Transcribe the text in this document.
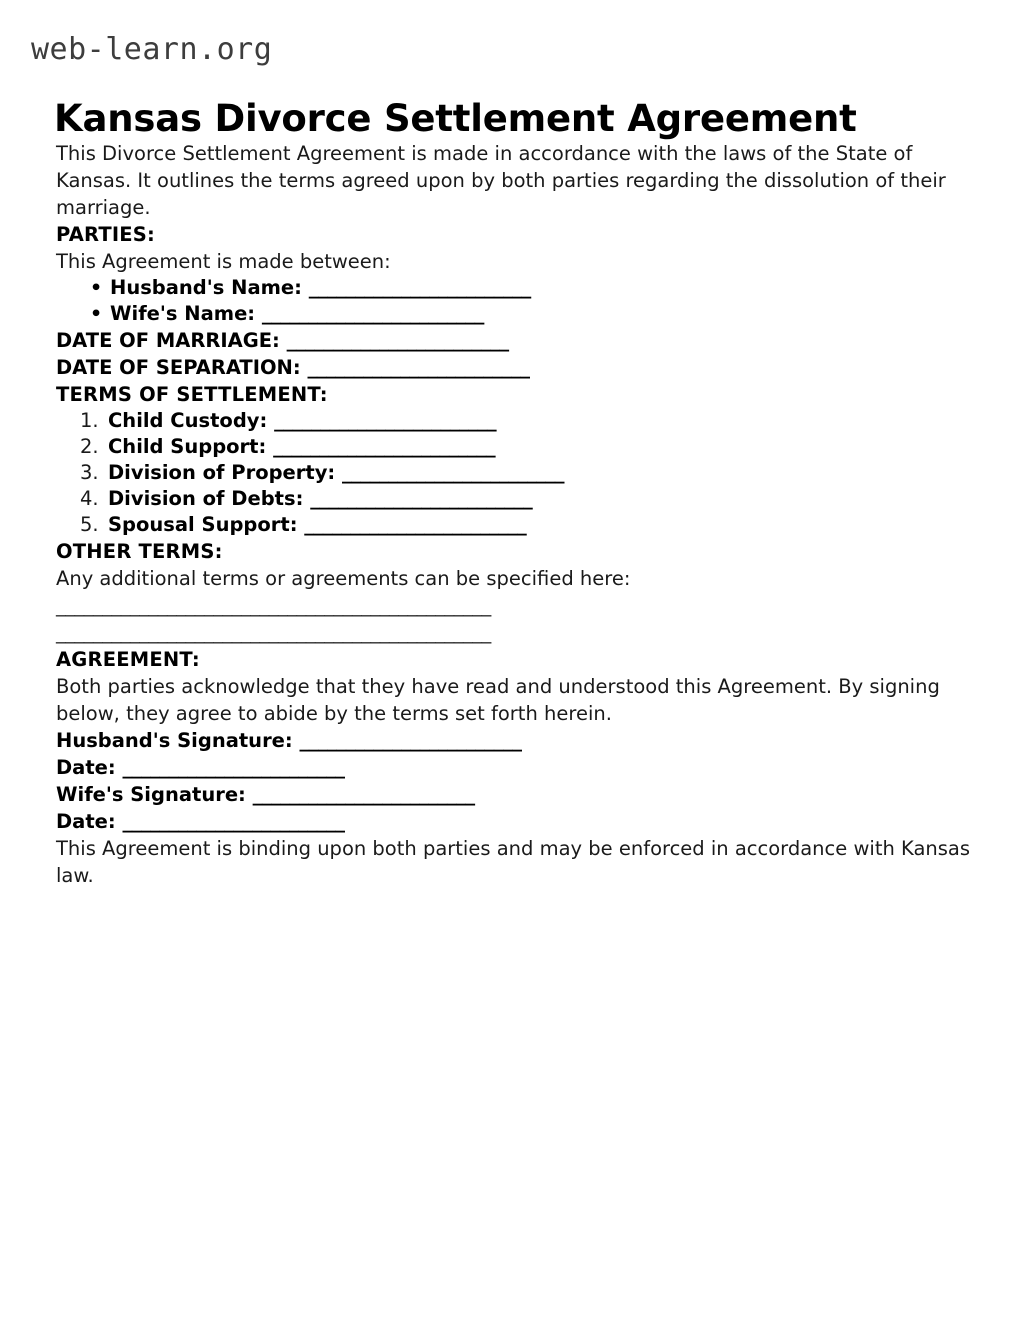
web-learn.org
Kansas Divorce Settlement Agreement

This Divorce Settlement Agreement is made in accordance with the laws of the State of Kansas. It outlines the terms agreed upon by both parties regarding the dissolution of their marriage.

PARTIES:

This Agreement is made between:

• Husband's Name: ________________________
• Wife's Name: ________________________

DATE OF MARRIAGE: ________________________

DATE OF SEPARATION: ________________________

TERMS OF SETTLEMENT:
Child Custody: ________________________
Child Support: ________________________
Division of Property: ________________________
Division of Debts: ________________________
Spousal Support: ________________________
OTHER TERMS:

Any additional terms or agreements can be specified here:

_______________________________________________

_______________________________________________

AGREEMENT:

Both parties acknowledge that they have read and understood this Agreement. By signing below, they agree to abide by the terms set forth herein.

Husband's Signature: ________________________

Date: ________________________

Wife's Signature: ________________________

Date: ________________________

This Agreement is binding upon both parties and may be enforced in accordance with Kansas law.
